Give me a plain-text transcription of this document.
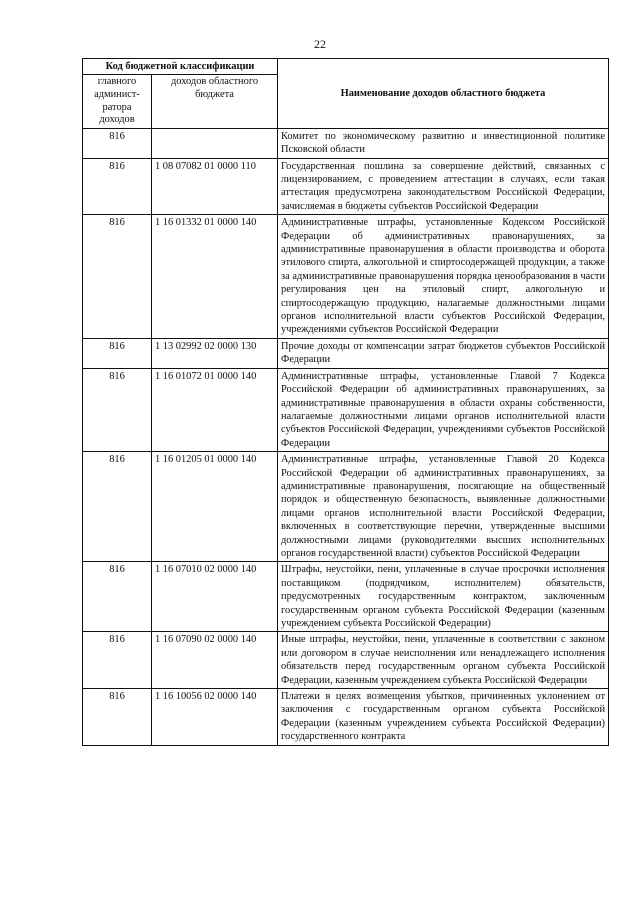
22
Код бюджетной классификации		Наименование доходов областного бюджета
главного админист-ратора доходов	доходов областного бюджета	
816		Комитет по экономическому развитию и инвестиционной политике Псковской области
816	1 08 07082 01 0000 110	Государственная пошлина за совершение действий, связанных с лицензированием, с проведением аттестации в случаях, если такая аттестация предусмотрена законодательством Российской Федерации, зачисляемая в бюджеты субъектов Российской Федерации
816	1 16 01332 01 0000 140	Административные штрафы, установленные Кодексом Российской Федерации об административных правонарушениях, за административные правонарушения в области производства и оборота этилового спирта, алкогольной и спиртосодержащей продукции, а также за административные правонарушения порядка ценообразования в части регулирования цен на этиловый спирт, алкогольную и спиртосодержащую продукцию, налагаемые должностными лицами органов исполнительной власти субъектов Российской Федерации, учреждениями субъектов Российской Федерации
816	1 13 02992 02 0000 130	Прочие доходы от компенсации затрат бюджетов субъектов Российской Федерации
816	1 16 01072 01 0000 140	Административные штрафы, установленные Главой 7 Кодекса Российской Федерации об административных правонарушениях, за административные правонарушения в области охраны собственности, налагаемые должностными лицами органов исполнительной власти субъектов Российской Федерации, учреждениями субъектов Российской Федерации
816	1 16 01205 01 0000 140	Административные штрафы, установленные Главой 20 Кодекса Российской Федерации об административных правонарушениях, за административные правонарушения, посягающие на общественный порядок и общественную безопасность, выявленные должностными лицами органов исполнительной власти Российской Федерации, включенных в соответствующие перечни, утвержденные высшими должностными лицами (руководителями высших исполнительных органов государственной власти) субъектов Российской Федерации
816	1 16 07010 02 0000 140	Штрафы, неустойки, пени, уплаченные в случае просрочки исполнения поставщиком (подрядчиком, исполнителем) обязательств, предусмотренных государственным контрактом, заключенным государственным органом субъекта Российской Федерации (казенным учреждением субъекта Российской Федерации)
816	1 16 07090 02 0000 140	Иные штрафы, неустойки, пени, уплаченные в соответствии с законом или договором в случае неисполнения или ненадлежащего исполнения обязательств перед государственным органом субъекта Российской Федерации, казенным учреждением субъекта Российской Федерации
816	1 16 10056 02 0000 140	Платежи в целях возмещения убытков, причиненных уклонением от заключения с государственным органом субъекта Российской Федерации (казенным учреждением субъекта Российской Федерации) государственного контракта
